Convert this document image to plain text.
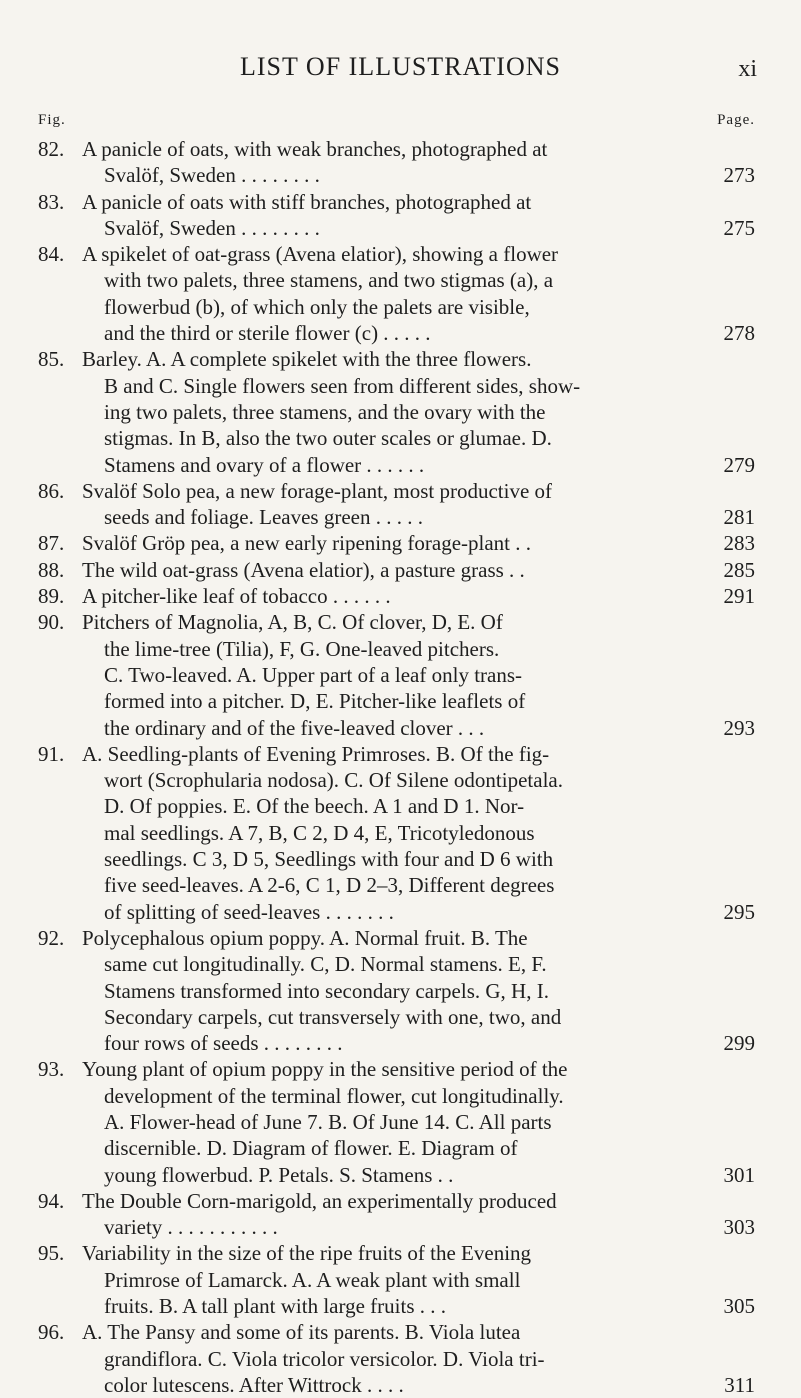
LIST OF ILLUSTRATIONS	xi
Fig.	Page.
82. A panicle of oats, with weak branches, photographed at
Svalöf, Sweden . . . . . . . .	273
83. A panicle of oats with stiff branches, photographed at
Svalöf, Sweden . . . . . . . .	275
84. A spikelet of oat-grass (Avena elatior), showing a flower
with two palets, three stamens, and two stigmas (a), a
flowerbud (b), of which only the palets are visible,
and the third or sterile flower (c) . . . . .	278
85. Barley. A. A complete spikelet with the three flowers.
B and C. Single flowers seen from different sides, show-
ing two palets, three stamens, and the ovary with the
stigmas. In B, also the two outer scales or glumae. D.
Stamens and ovary of a flower . . . . . .	279
86. Svalöf Solo pea, a new forage-plant, most productive of
seeds and foliage. Leaves green . . . . .	281
87. Svalöf Gröp pea, a new early ripening forage-plant . .	283
88. The wild oat-grass (Avena elatior), a pasture grass . .	285
89. A pitcher-like leaf of tobacco . . . . . .	291
90. Pitchers of Magnolia, A, B, C. Of clover, D, E. Of
the lime-tree (Tilia), F, G. One-leaved pitchers.
C. Two-leaved. A. Upper part of a leaf only trans-
formed into a pitcher. D, E. Pitcher-like leaflets of
the ordinary and of the five-leaved clover . . .	293
91. A. Seedling-plants of Evening Primroses. B. Of the fig-
wort (Scrophularia nodosa). C. Of Silene odontipetala.
D. Of poppies. E. Of the beech. A 1 and D 1. Nor-
mal seedlings. A 7, B, C 2, D 4, E, Tricotyledonous
seedlings. C 3, D 5, Seedlings with four and D 6 with
five seed-leaves. A 2-6, C 1, D 2–3, Different degrees
of splitting of seed-leaves . . . . . . .	295
92. Polycephalous opium poppy. A. Normal fruit. B. The
same cut longitudinally. C, D. Normal stamens. E, F.
Stamens transformed into secondary carpels. G, H, I.
Secondary carpels, cut transversely with one, two, and
four rows of seeds . . . . . . . .	299
93. Young plant of opium poppy in the sensitive period of the
development of the terminal flower, cut longitudinally.
A. Flower-head of June 7. B. Of June 14. C. All parts
discernible. D. Diagram of flower. E. Diagram of
young flowerbud. P. Petals. S. Stamens . .	301
94. The Double Corn-marigold, an experimentally produced
variety . . . . . . . . . . .	303
95. Variability in the size of the ripe fruits of the Evening
Primrose of Lamarck. A. A weak plant with small
fruits. B. A tall plant with large fruits . . .	305
96. A. The Pansy and some of its parents. B. Viola lutea
grandiflora. C. Viola tricolor versicolor. D. Viola tri-
color lutescens. After Wittrock . . . .	311
